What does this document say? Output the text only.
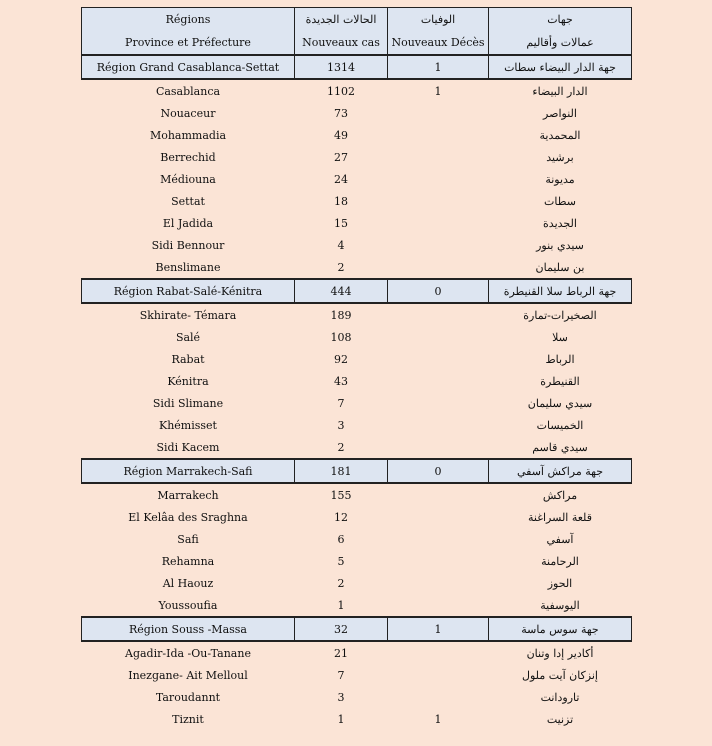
Régions	الحالات الجديدة	الوفيات	جهات
Province et Préfecture	Nouveaux cas	Nouveaux Décès	عمالات وأقاليم
Région Grand Casablanca-Settat	1314	1	جهة الدار البيضاء سطات
Casablanca	1102	1	الدار البيضاء
Nouaceur	73		النواصر
Mohammadia	49		المحمدية
Berrechid	27		برشيد
Médiouna	24		مديونة
Settat	18		سطات
El Jadida	15		الجديدة
Sidi Bennour	4		سيدي بنور
Benslimane	2		بن سليمان
Région Rabat-Salé-Kénitra	444	0	جهة الرباط سلا القنيطرة
Skhirate- Témara	189		الصخيرات-تمارة
Salé	108		سلا
Rabat	92		الرباط
Kénitra	43		القنيطرة
Sidi Slimane	7		سيدي سليمان
Khémisset	3		الخميسات
Sidi Kacem	2		سيدي قاسم
Région Marrakech-Safi	181	0	جهة مراكش آسفي
Marrakech	155		مراكش
El Kelâa des Sraghna	12		قلعة السراغنة
Safi	6		آسفي
Rehamna	5		الرحامنة
Al Haouz	2		الحوز
Youssoufia	1		اليوسفية
Région Souss -Massa	32	1	جهة سوس ماسة
Agadir-Ida -Ou-Tanane	21		أكادير إدا وتنان
Inezgane- Ait Melloul	7		إنزكان آيت ملول
Taroudannt	3		تارودانت
Tiznit	1	1	تزنيت
